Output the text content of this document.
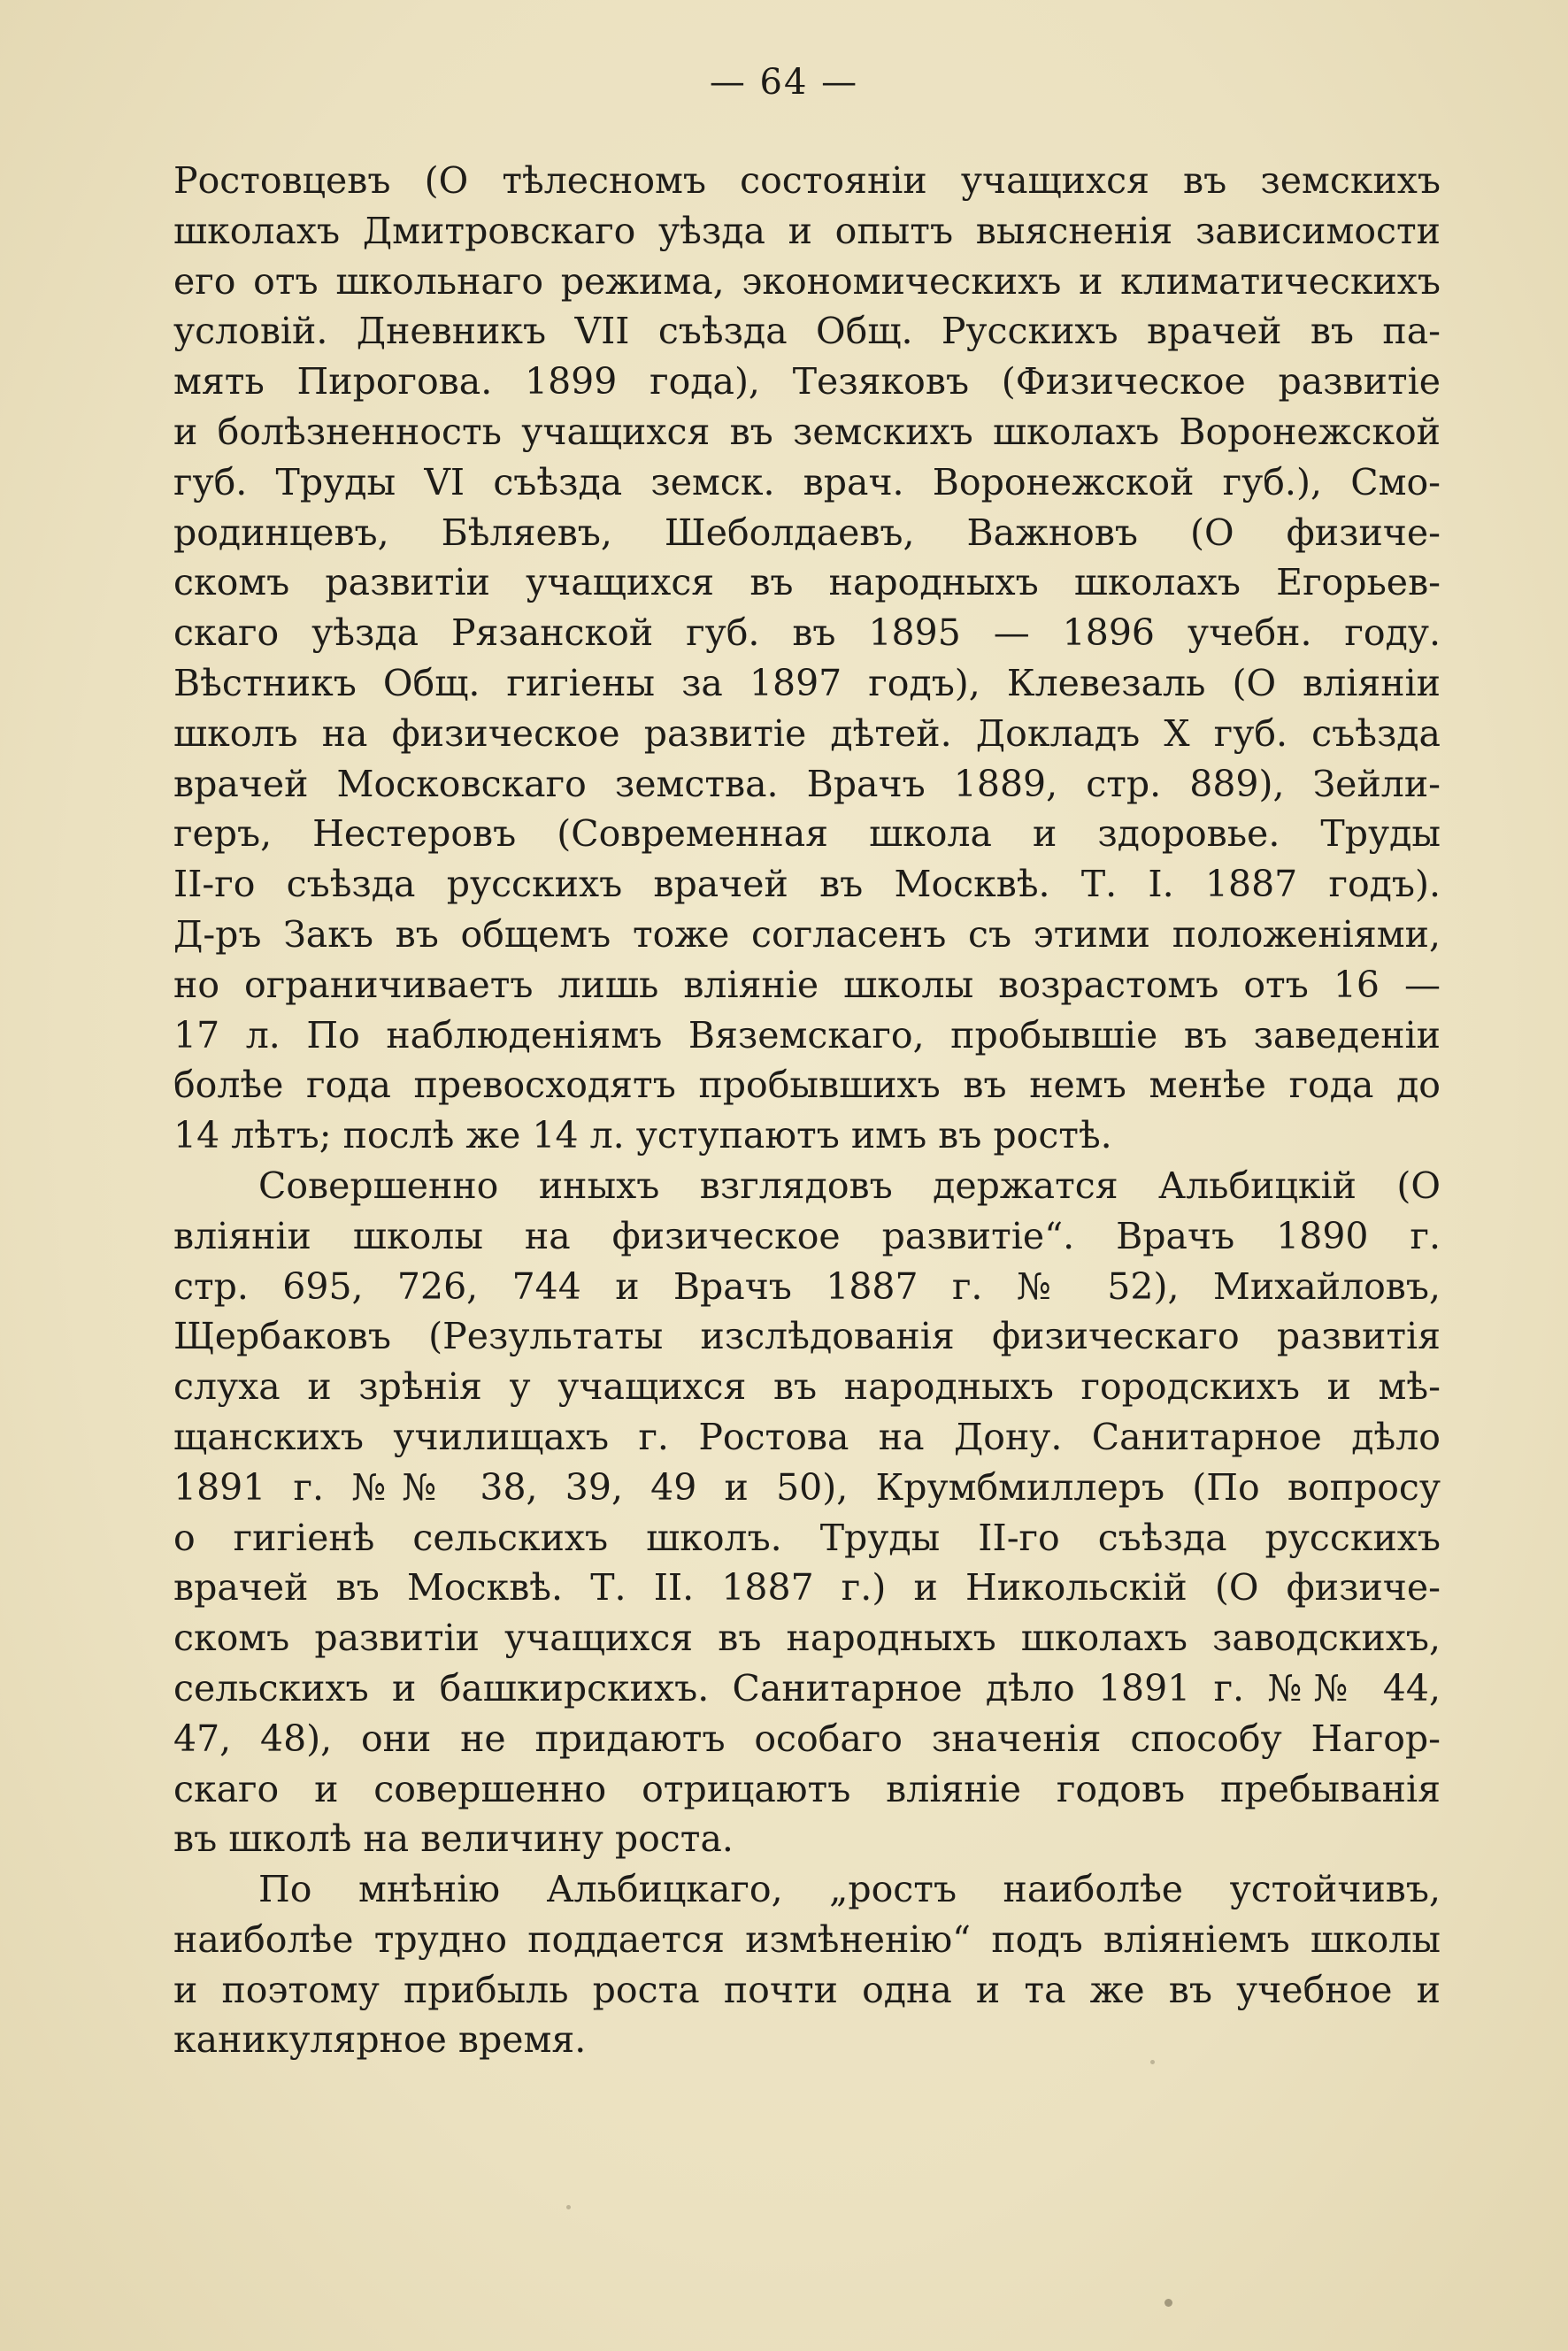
— 64 —

Ростовцевъ (О тѣлесномъ состояніи учащихся въ земскихъ
школахъ Дмитровскаго уѣзда и опытъ выясненія зависимости
его отъ школьнаго режима, экономическихъ и климатическихъ
условій. Дневникъ VII съѣзда Общ. Русскихъ врачей въ па-
мять Пирогова. 1899 года), Тезяковъ (Физическое развитіе
и болѣзненность учащихся въ земскихъ школахъ Воронежской
губ. Труды VI съѣзда земск. врач. Воронежской губ.), Смо-
родинцевъ, Бѣляевъ, Шеболдаевъ, Важновъ (О физиче-
скомъ развитіи учащихся въ народныхъ школахъ Егорьев-
скаго уѣзда Рязанской губ. въ 1895 — 1896 учебн. году.
Вѣстникъ Общ. гигіены за 1897 годъ), Клевезаль (О вліяніи
школъ на физическое развитіе дѣтей. Докладъ X губ. съѣзда
врачей Московскаго земства. Врачъ 1889, стр. 889), Зейли-
геръ, Нестеровъ (Современная школа и здоровье. Труды
II-го съѣзда русскихъ врачей въ Москвѣ. Т. I. 1887 годъ).
Д-ръ Закъ въ общемъ тоже согласенъ съ этими положеніями,
но ограничиваетъ лишь вліяніе школы возрастомъ отъ 16 —
17 л. По наблюденіямъ Вяземскаго, пробывшіе въ заведеніи
болѣе года превосходятъ пробывшихъ въ немъ менѣе года до
14 лѣтъ; послѣ же 14 л. уступаютъ имъ въ ростѣ.

Совершенно иныхъ взглядовъ держатся Альбицкій (О
вліяніи школы на физическое развитіе“. Врачъ 1890 г.
стр. 695, 726, 744 и Врачъ 1887 г. № 52), Михайловъ,
Щербаковъ (Результаты изслѣдованія физическаго развитія
слуха и зрѣнія у учащихся въ народныхъ городскихъ и мѣ-
щанскихъ училищахъ г. Ростова на Дону. Санитарное дѣло
1891 г. №№ 38, 39, 49 и 50), Крумбмиллеръ (По вопросу
о гигіенѣ сельскихъ школъ. Труды II-го съѣзда русскихъ
врачей въ Москвѣ. Т. II. 1887 г.) и Никольскій (О физиче-
скомъ развитіи учащихся въ народныхъ школахъ заводскихъ,
сельскихъ и башкирскихъ. Санитарное дѣло 1891 г. №№ 44,
47, 48), они не придаютъ особаго значенія способу Нагор-
скаго и совершенно отрицаютъ вліяніе годовъ пребыванія
въ школѣ на величину роста.

По мнѣнію Альбицкаго, „ростъ наиболѣе устойчивъ,
наиболѣе трудно поддается измѣненію“ подъ вліяніемъ школы
и поэтому прибыль роста почти одна и та же въ учебное и
каникулярное время.
